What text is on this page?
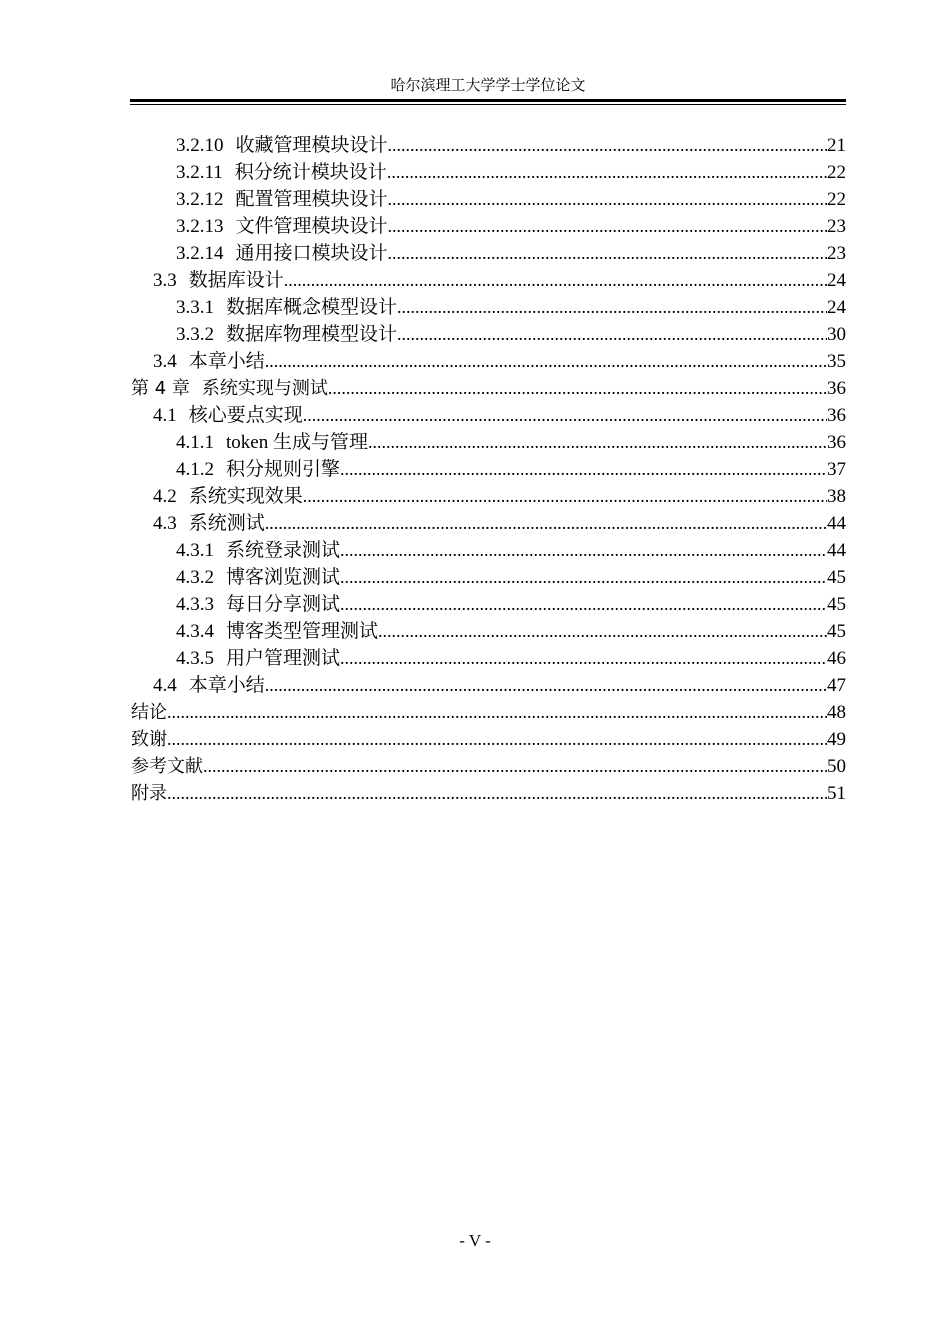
哈尔滨理工大学学士学位论文
3.2.10 收藏管理模块设计 .....	21
3.2.11 积分统计模块设计 .....	22
3.2.12 配置管理模块设计 .....	22
3.2.13 文件管理模块设计 .....	23
3.2.14 通用接口模块设计 .....	23
3.3 数据库设计 .....	24
3.3.1 数据库概念模型设计 .....	24
3.3.2 数据库物理模型设计 .....	30
3.4 本章小结 .....	35
第 4 章 系统实现与测试 .....	36
4.1 核心要点实现 .....	36
4.1.1 token 生成与管理 .....	36
4.1.2 积分规则引擎 .....	37
4.2 系统实现效果 .....	38
4.3 系统测试 .....	44
4.3.1 系统登录测试 .....	44
4.3.2 博客浏览测试 .....	45
4.3.3 每日分享测试 .....	45
4.3.4 博客类型管理测试 .....	45
4.3.5 用户管理测试 .....	46
4.4 本章小结 .....	47
结论 .....	48
致谢 .....	49
参考文献 .....	50
附录 .....	51
- V -
